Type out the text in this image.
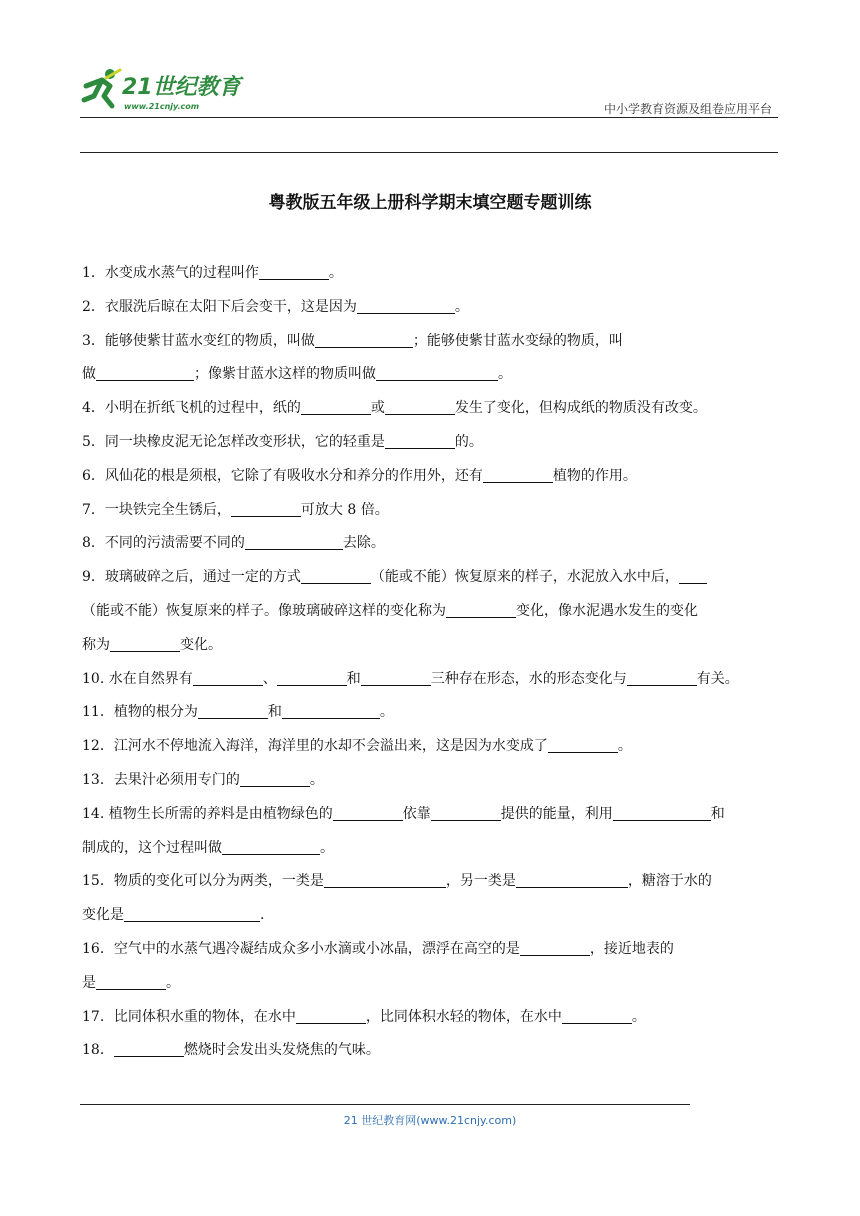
21世纪教育
www.21cnjy.com	中小学教育资源及组卷应用平台
粤教版五年级上册科学期末填空题专题训练
1．水变成水蒸气的过程叫作	。
2．衣服洗后晾在太阳下后会变干，这是因为	。
3．能够使紫甘蓝水变红的物质，叫做	；能够使紫甘蓝水变绿的物质，叫
做	；像紫甘蓝水这样的物质叫做	。
4．小明在折纸飞机的过程中，纸的	或	发生了变化，但构成纸的物质没有改变。
5．同一块橡皮泥无论怎样改变形状，它的轻重是	的。
6．风仙花的根是须根，它除了有吸收水分和养分的作用外，还有	植物的作用。
7．一块铁完全生锈后，	可放大 8 倍。
8．不同的污渍需要不同的	去除。
9．玻璃破碎之后，通过一定的方式	（能或不能）恢复原来的样子，水泥放入水中后，
（能或不能）恢复原来的样子。像玻璃破碎这样的变化称为	变化，像水泥遇水发生的变化
称为	变化。
10. 水在自然界有	、	和	三种存在形态，水的形态变化与	有关。
11．植物的根分为	和	。
12．江河水不停地流入海洋，海洋里的水却不会溢出来，这是因为水变成了	。
13．去果汁必须用专门的	。
14. 植物生长所需的养料是由植物绿色的	依靠	提供的能量，利用	和
制成的，这个过程叫做	。
15．物质的变化可以分为两类，一类是	，另一类是	，糖溶于水的
变化是	.
16．空气中的水蒸气遇冷凝结成众多小水滴或小冰晶，漂浮在高空的是	，接近地表的
是	。
17．比同体积水重的物体，在水中	，比同体积水轻的物体，在水中	。
18．	燃烧时会发出头发烧焦的气味。
21 世纪教育网(www.21cnjy.com)
